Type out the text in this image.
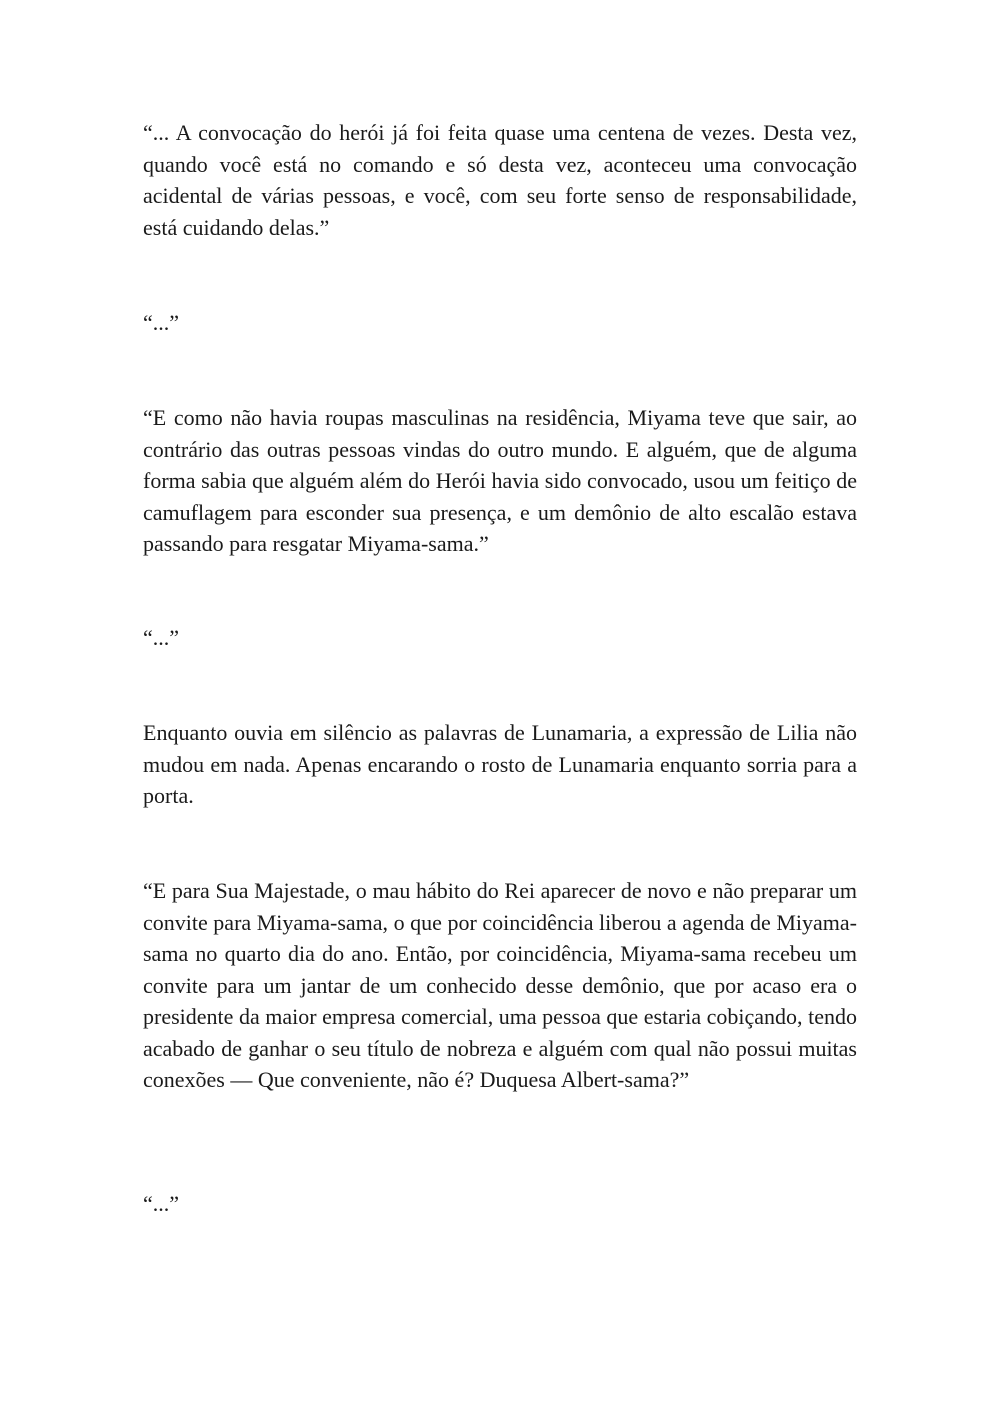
“... A convocação do herói já foi feita quase uma centena de vezes. Desta vez, quando você está no comando e só desta vez, aconteceu uma convocação acidental de várias pessoas, e você, com seu forte senso de responsabilidade, está cuidando delas.”

“...”

“E como não havia roupas masculinas na residência, Miyama teve que sair, ao contrário das outras pessoas vindas do outro mundo. E alguém, que de alguma forma sabia que alguém além do Herói havia sido convocado, usou um feitiço de camuflagem para esconder sua presença, e um demônio de alto escalão estava passando para resgatar Miyama-sama.”

“...”

Enquanto ouvia em silêncio as palavras de Lunamaria, a expressão de Lilia não mudou em nada. Apenas encarando o rosto de Lunamaria enquanto sorria para a porta.

“E para Sua Majestade, o mau hábito do Rei aparecer de novo e não preparar um convite para Miyama-sama, o que por coincidência liberou a agenda de Miyama-sama no quarto dia do ano. Então, por coincidência, Miyama-sama recebeu um convite para um jantar de um conhecido desse demônio, que por acaso era o presidente da maior empresa comercial, uma pessoa que estaria cobiçando, tendo acabado de ganhar o seu título de nobreza e alguém com qual não possui muitas conexões — Que conveniente, não é? Duquesa Albert-sama?”

“...”
